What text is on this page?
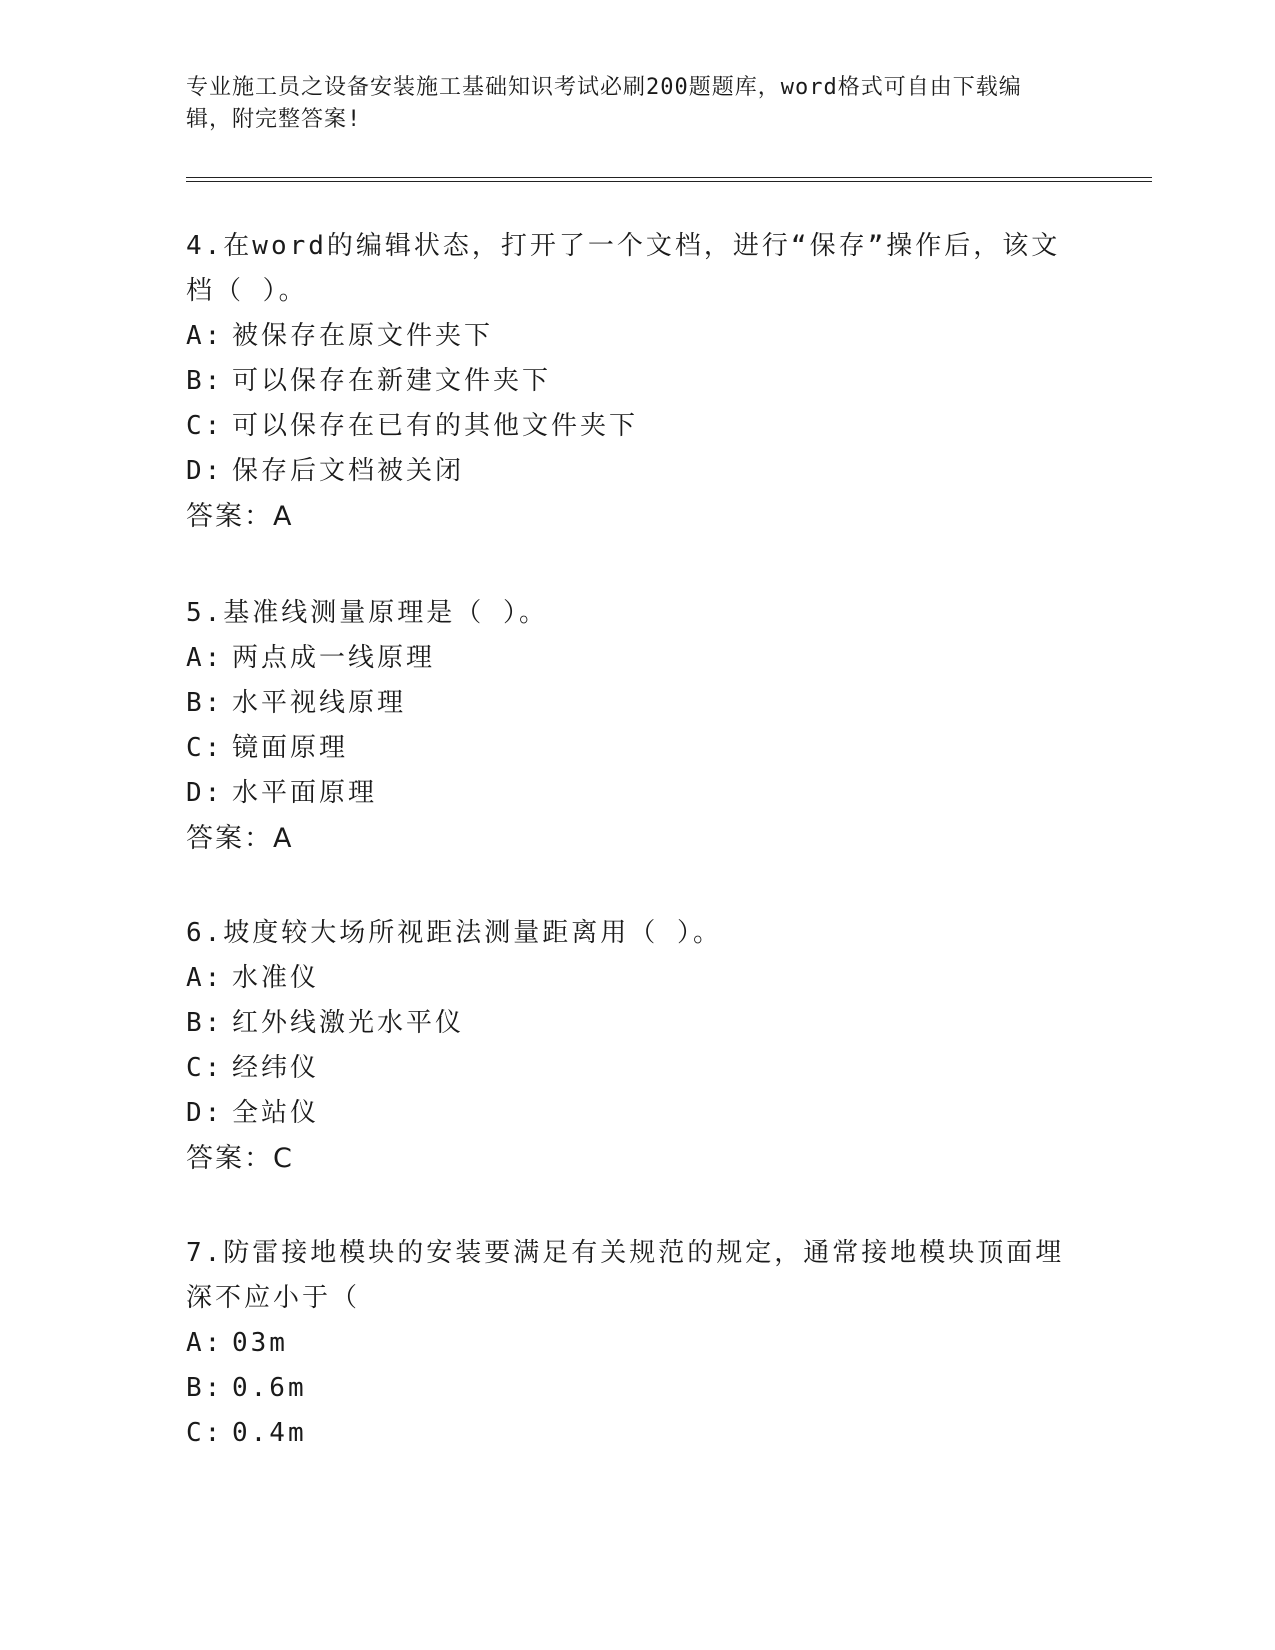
专业施工员之设备安装施工基础知识考试必刷200题题库，word格式可自由下载编辑，附完整答案!

4.在word的编辑状态，打开了一个文档，进行“保存”操作后，该文档（ ）。

A: 被保存在原文件夹下

B: 可以保存在新建文件夹下

C: 可以保存在已有的其他文件夹下

D: 保存后文档被关闭

答案：A

5.基准线测量原理是（ ）。

A: 两点成一线原理

B: 水平视线原理

C: 镜面原理

D: 水平面原理

答案：A

6.坡度较大场所视距法测量距离用（ ）。

A: 水准仪

B: 红外线激光水平仪

C: 经纬仪

D: 全站仪

答案：C

7.防雷接地模块的安装要满足有关规范的规定，通常接地模块顶面埋深不应小于（

A: 03m

B: 0.6m

C: 0.4m
